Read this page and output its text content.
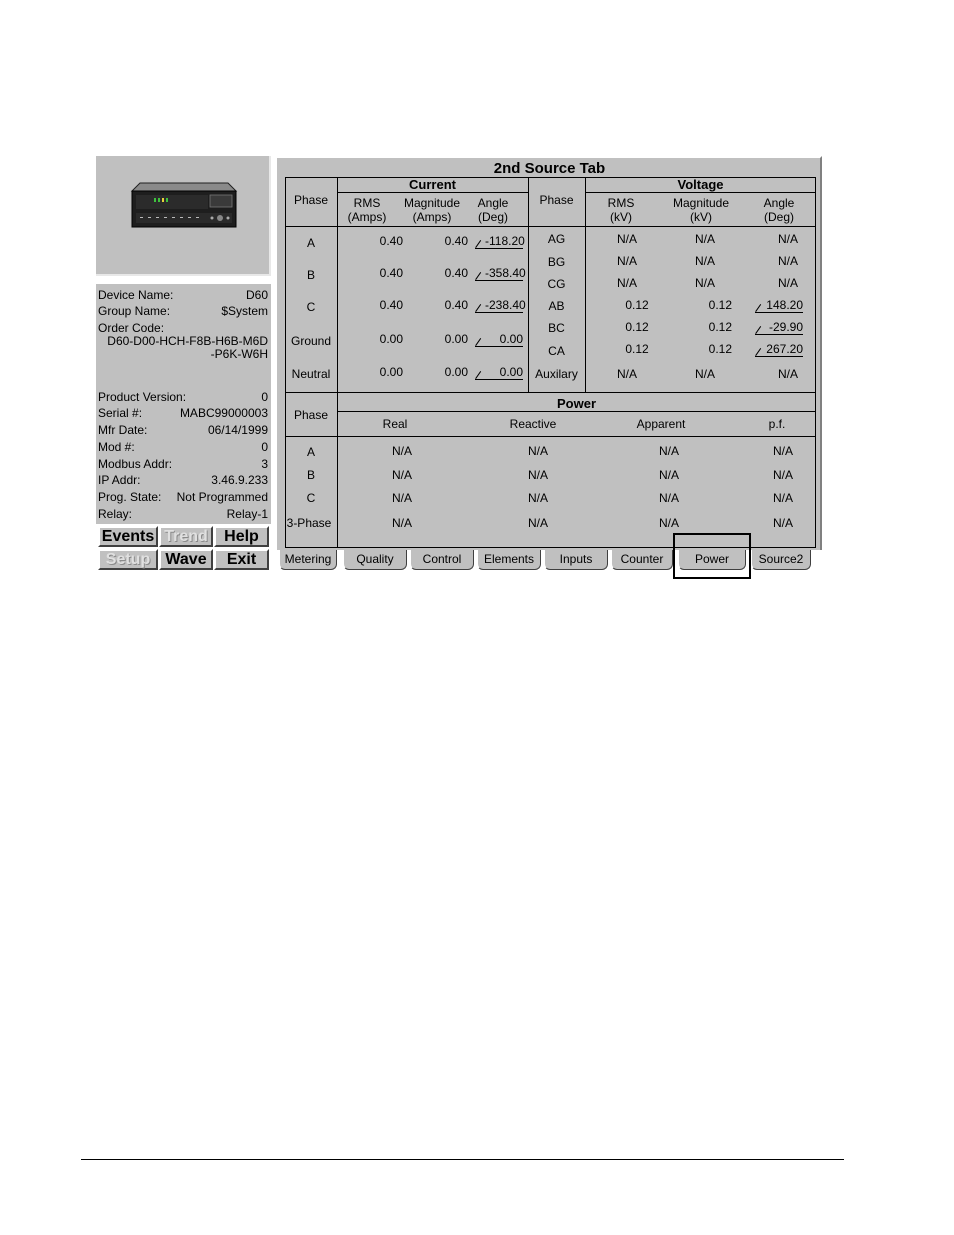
Device Name:	D60
Group Name:	$System
Order Code:
D60-D00-HCH-F8B-H6B-M6D
-P6K-W6H
Product Version:	0
Serial #:	MABC99000003
Mfr Date:	06/14/1999
Mod #:	0
Modbus Addr:	3
IP Addr:	3.46.9.233
Prog. State: Not Programmed
Relay:	Relay-1
Events Trend	Help
Setup Wave	Exit
2nd Source Tab
Current
Phase	RMS
(Amps)
Magnitude
(Amps)
Angle
(Deg)
Voltage
Phase	RMS
(kV)
Magnitude
(kV)
Angle
(Deg)
A	0.40	0.40	-118.20
B	0.40	0.40	-358.40
C	0.40	0.40	-238.40
Ground	0.00	0.00	0.00
Neutral	0.00	0.00	0.00
AG	N/A	N/A	N/A
BG	N/A	N/A	N/A
CG	N/A	N/A	N/A
AB	0.12	0.12	148.20
BC	0.12	0.12	-29.90
CA	0.12	0.12	267.20
Auxilary	N/A	N/A	N/A
Power
Phase
Real	Reactive	Apparent	p.f.
A	N/A	N/A	N/A	N/A
B	N/A	N/A	N/A	N/A
C	N/A	N/A	N/A	N/A
3-Phase	N/A	N/A	N/A	N/A
Metering	Quality	Control	Elements	Inputs	Counter	Power	Source2
